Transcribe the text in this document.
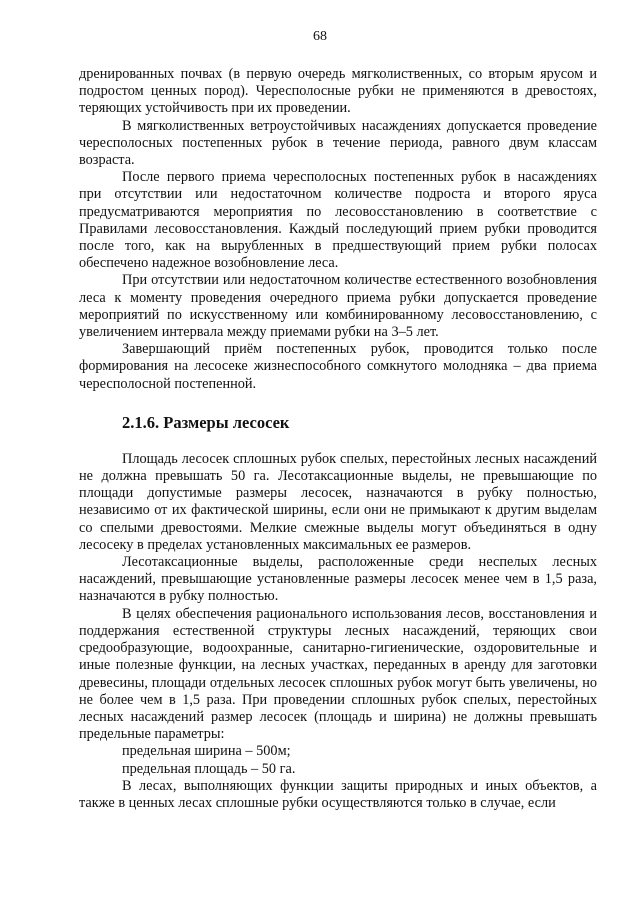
68

дренированных почвах (в первую очередь мягколиственных, со вторым ярусом и подростом ценных пород). Чересполосные рубки не применяются в древостоях, теряющих устойчивость при их проведении.

В мягколиственных ветроустойчивых насаждениях допускается проведение чересполосных постепенных рубок в течение периода, равного двум классам возраста.

После первого приема чересполосных постепенных рубок в насаждениях при отсутствии или недостаточном количестве подроста и второго яруса предусматриваются мероприятия по лесовосстановлению в соответствие с Правилами лесовосстановления. Каждый последующий прием рубки проводится после того, как на вырубленных в предшествующий прием рубки полосах обеспечено надежное возобновление леса.

При отсутствии или недостаточном количестве естественного возобновления леса к моменту проведения очередного приема рубки допускается проведение мероприятий по искусственному или комбинированному лесовосстановлению, с увеличением интервала между приемами рубки на 3–5 лет.

Завершающий приём постепенных рубок, проводится только после формирования на лесосеке жизнеспособного сомкнутого молодняка – два приема чересполосной постепенной.

2.1.6. Размеры лесосек

Площадь лесосек сплошных рубок спелых, перестойных лесных насаждений не должна превышать 50 га. Лесотаксационные выделы, не превышающие по площади допустимые размеры лесосек, назначаются в рубку полностью, независимо от их фактической ширины, если они не примыкают к другим выделам со спелыми древостоями. Мелкие смежные выделы могут объединяться в одну лесосеку в пределах установленных максимальных ее размеров.

Лесотаксационные выделы, расположенные среди неспелых лесных насаждений, превышающие установленные размеры лесосек менее чем в 1,5 раза, назначаются в рубку полностью.

В целях обеспечения рационального использования лесов, восстановления и поддержания естественной структуры лесных насаждений, теряющих свои средообразующие, водоохранные, санитарно-гигиенические, оздоровительные и иные полезные функции, на лесных участках, переданных в аренду для заготовки древесины, площади отдельных лесосек сплошных рубок могут быть увеличены, но не более чем в 1,5 раза. При проведении сплошных рубок спелых, перестойных лесных насаждений размер лесосек (площадь и ширина) не должны превышать предельные параметры:

предельная ширина – 500м;

предельная площадь – 50 га.

В лесах, выполняющих функции защиты природных и иных объектов, а также в ценных лесах сплошные рубки осуществляются только в случае, если
